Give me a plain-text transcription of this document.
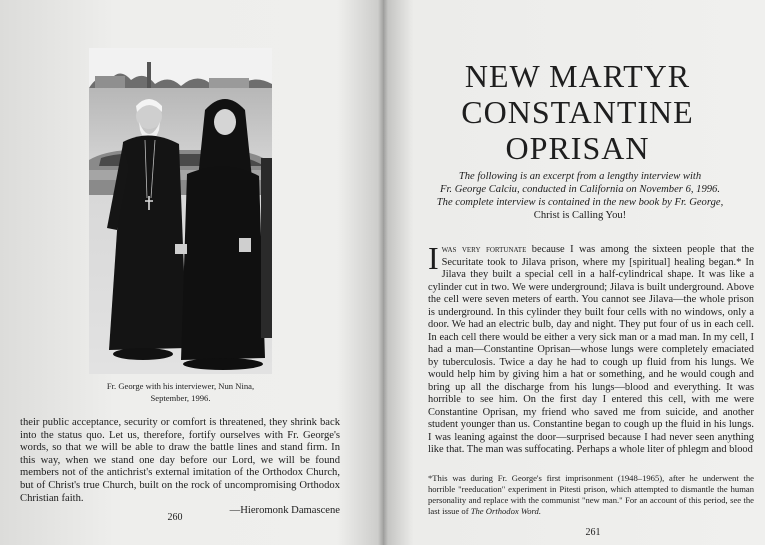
Fr. George with his interviewer, Nun Nina,
September, 1996.
their public acceptance, security or comfort is threatened, they shrink back into the status quo. Let us, therefore, fortify ourselves with Fr. George's words, so that we will be able to draw the battle lines and stand firm. In this way, when we stand one day before our Lord, we will be found members not of the antichrist's external imitation of the Orthodox Church, but of Christ's true Church, built on the rock of uncompromising Orthodox Christian faith.
—Hieromonk Damascene
260
NEW MARTYR
CONSTANTINE
OPRISAN
The following is an excerpt from a lengthy interview with
Fr. George Calciu, conducted in California on November 6, 1996.
The complete interview is contained in the new book by Fr. George,
Christ is Calling You!
Iwas very fortunate because I was among the sixteen people that the Securitate took to Jilava prison, where my [spiritual] healing began.* In Jilava they built a special cell in a half-cylindrical shape. It was like a cylinder cut in two. We were underground; Jilava is built underground. Above the cell were seven meters of earth. You cannot see Jilava—the whole prison is underground. In this cylinder they built four cells with no windows, only a door. We had an electric bulb, day and night. They put four of us in each cell. In each cell there would be either a very sick man or a mad man. In my cell, I had a man—Constantine Oprisan—whose lungs were completely emaciated by tuberculosis. Twice a day he had to cough up fluid from his lungs. We would help him by giving him a hat or something, and he would cough and bring up all the discharge from his lungs—blood and everything. It was horrible to see him. On the first day I entered this cell, with me were Constantine Oprisan, my friend who saved me from suicide, and another student younger than us. Constantine began to cough up the fluid in his lungs. I was leaning against the door—surprised because I had never seen anything like that. The man was suffocating. Perhaps a whole liter of phlegm and blood
*This was during Fr. George's first imprisonment (1948–1965), after he underwent the horrible "reeducation" experiment in Pitesti prison, which attempted to dismantle the human personality and replace with the communist "new man." For an account of this period, see the last issue of The Orthodox Word.
261
